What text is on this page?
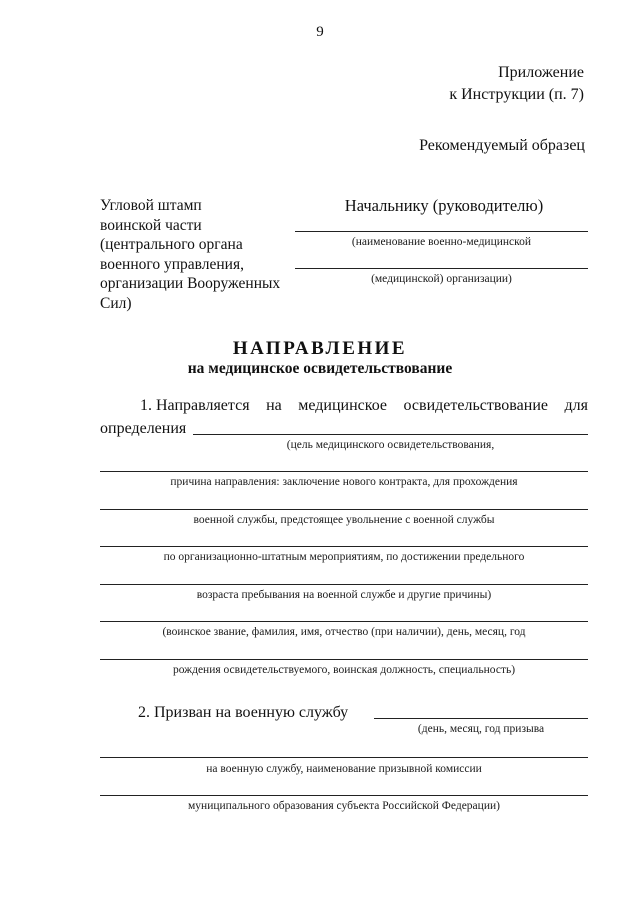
9
Приложение
к Инструкции (п. 7)
Рекомендуемый образец
Угловой штамп
воинской части
(центрального органа
военного управления,
организации Вооруженных
Сил)
Начальнику (руководителю)
(наименование военно-медицинской
(медицинской) организации)
НАПРАВЛЕНИЕ
на медицинское освидетельствование
1. Направляется на медицинское освидетельствование для
определения
(цель медицинского освидетельствования,
причина направления: заключение нового контракта, для прохождения
военной службы, предстоящее увольнение с военной службы
по организационно-штатным мероприятиям, по достижении предельного
возраста пребывания на военной службе и другие причины)
(воинское звание, фамилия, имя, отчество (при наличии), день, месяц, год
рождения освидетельствуемого, воинская должность, специальность)
2. Призван на военную службу
(день, месяц, год призыва
на военную службу, наименование призывной комиссии
муниципального образования субъекта Российской Федерации)
